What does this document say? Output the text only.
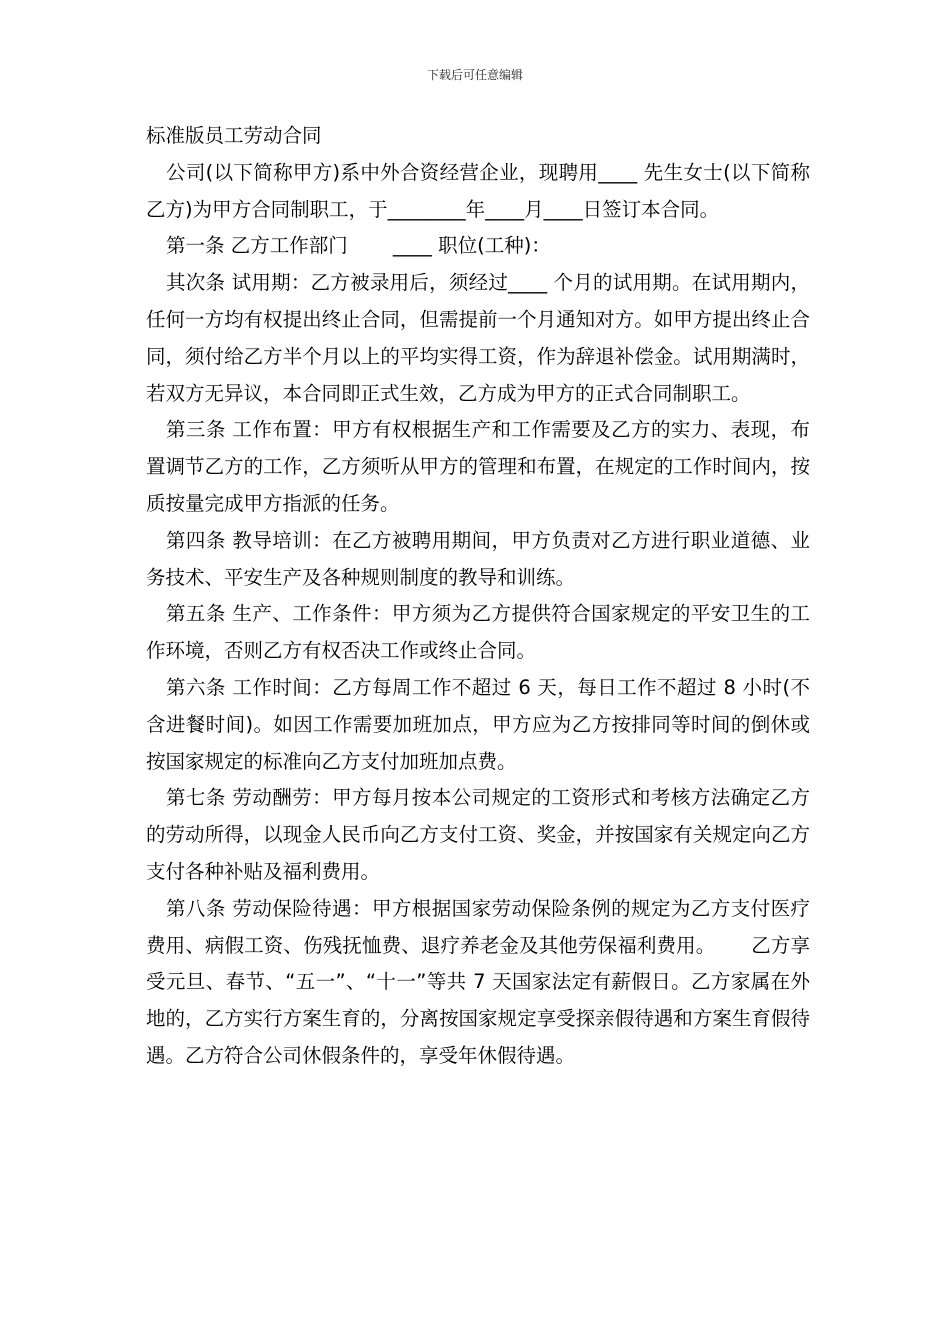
下载后可任意编辑
标准版员工劳动合同

公司(以下简称甲方)系中外合资经营企业，现聘用____ 先生女士(以下简称乙方)为甲方合同制职工，于________年____月____日签订本合同。

第一条 乙方工作部门　　 ____ 职位(工种)：

其次条 试用期：乙方被录用后，须经过____ 个月的试用期。在试用期内，任何一方均有权提出终止合同，但需提前一个月通知对方。如甲方提出终止合同，须付给乙方半个月以上的平均实得工资，作为辞退补偿金。试用期满时，若双方无异议，本合同即正式生效，乙方成为甲方的正式合同制职工。

第三条 工作布置：甲方有权根据生产和工作需要及乙方的实力、表现，布置调节乙方的工作，乙方须听从甲方的管理和布置，在规定的工作时间内，按质按量完成甲方指派的任务。

第四条 教导培训：在乙方被聘用期间，甲方负责对乙方进行职业道德、业务技术、平安生产及各种规则制度的教导和训练。

第五条 生产、工作条件：甲方须为乙方提供符合国家规定的平安卫生的工作环境，否则乙方有权否决工作或终止合同。

第六条 工作时间：乙方每周工作不超过 6 天，每日工作不超过 8 小时(不含进餐时间)。如因工作需要加班加点，甲方应为乙方按排同等时间的倒休或按国家规定的标准向乙方支付加班加点费。

第七条 劳动酬劳：甲方每月按本公司规定的工资形式和考核方法确定乙方的劳动所得，以现金人民币向乙方支付工资、奖金，并按国家有关规定向乙方支付各种补贴及福利费用。

第八条 劳动保险待遇：甲方根据国家劳动保险条例的规定为乙方支付医疗费用、病假工资、伤残抚恤费、退疗养老金及其他劳保福利费用。　　 乙方享受元旦、春节、“五一”、“十一”等共 7 天国家法定有薪假日。乙方家属在外地的，乙方实行方案生育的，分离按国家规定享受探亲假待遇和方案生育假待遇。乙方符合公司休假条件的，享受年休假待遇。
